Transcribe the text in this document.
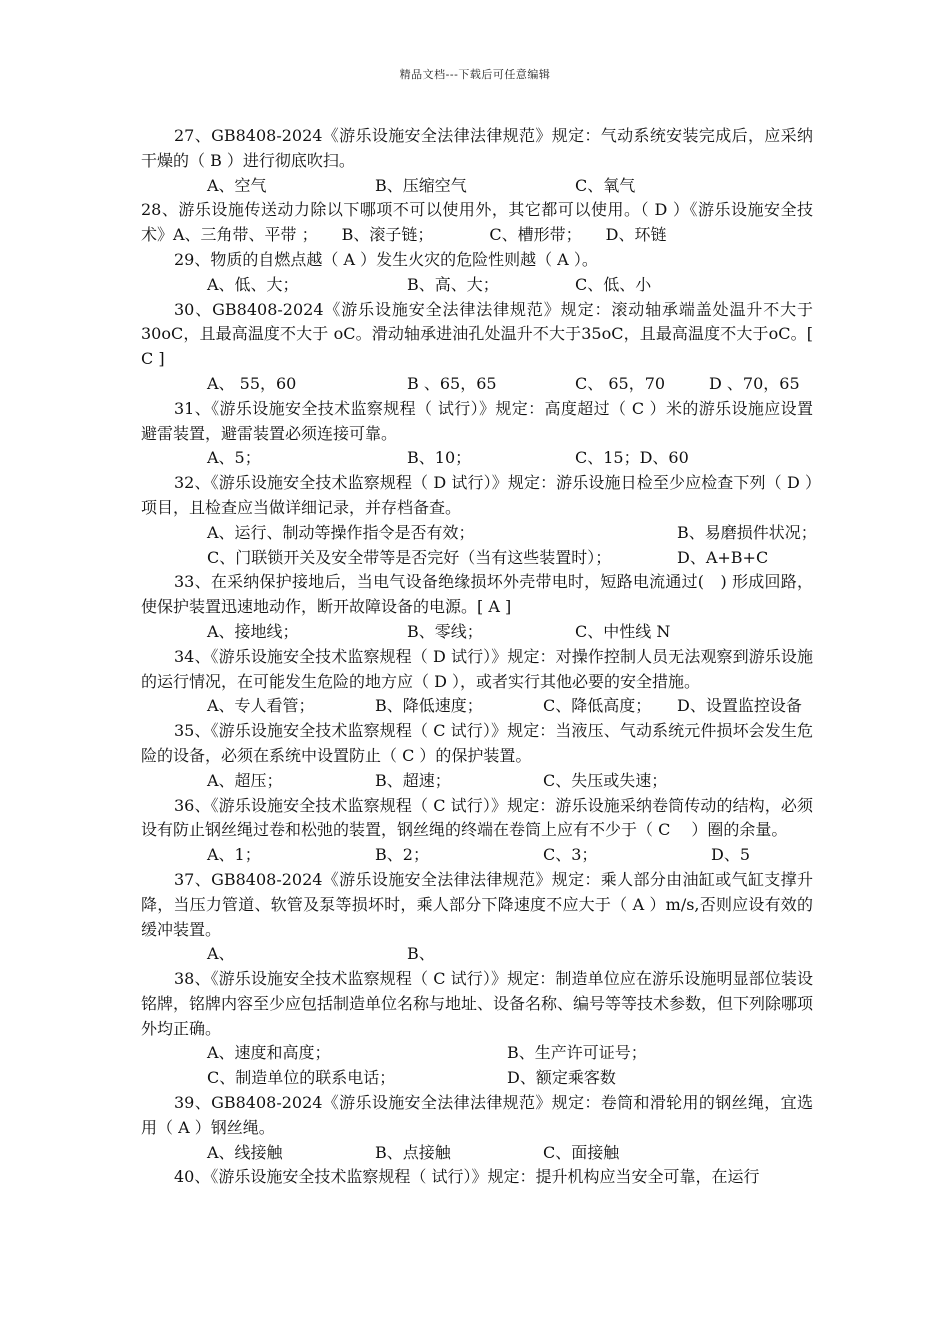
精品文档---下载后可任意编辑

27、GB8408-2024《游乐设施安全法律法律规范》规定：气动系统安装完成后，应采纳干燥的（ B ）进行彻底吹扫。

A、空气	B、压缩空气	C、氧气

28、游乐设施传送动力除以下哪项不可以使用外，其它都可以使用。（ D ）《游乐设施安全技术》A、三角带、平带 ；　　B、滚子链；　　　　C、槽形带；　　D、环链

29、物质的自燃点越（ A ）发生火灾的危险性则越（ A ）。

A、低、大；	B、高、大；	C、低、小

30、GB8408-2024《游乐设施安全法律法律规范》规定：滚动轴承端盖处温升不大于30oC，且最高温度不大于 oC。滑动轴承进油孔处温升不大于35oC，且最高温度不大于oC。[ C ]

A、 55，60	B 、65，65	C、 65，70	D 、70，65

31、《游乐设施安全技术监察规程（ 试行）》规定：高度超过（ C ）米的游乐设施应设置避雷装置，避雷装置必须连接可靠。

A、5；	B、10；	C、15；D、60

32、《游乐设施安全技术监察规程（ D 试行）》规定：游乐设施日检至少应检查下列（ D ）项目，且检查应当做详细记录，并存档备查。

A、运行、制动等操作指令是否有效；	B、易磨损件状况；
C、门联锁开关及安全带等是否完好（当有这些装置时）；	D、A+B+C

33、在采纳保护接地后，当电气设备绝缘损坏外壳带电时，短路电流通过(　) 形成回路，使保护装置迅速地动作，断开故障设备的电源。[ A ]

A、接地线；	B、零线；	C、中性线 N

34、《游乐设施安全技术监察规程（ D 试行）》规定：对操作控制人员无法观察到游乐设施的运行情况，在可能发生危险的地方应（ D ），或者实行其他必要的安全措施。

A、专人看管；	B、降低速度；	C、降低高度；	D、设置监控设备

35、《游乐设施安全技术监察规程（ C 试行）》规定：当液压、气动系统元件损坏会发生危险的设备，必须在系统中设置防止（ C ）的保护装置。

A、超压；	B、超速；	C、失压或失速；

36、《游乐设施安全技术监察规程（ C 试行）》规定：游乐设施采纳卷筒传动的结构，必须设有防止钢丝绳过卷和松弛的装置，钢丝绳的终端在卷筒上应有不少于（ C　 ）圈的余量。

A、1；	B、2；	C、3；	D、5

37、GB8408-2024《游乐设施安全法律法律规范》规定：乘人部分由油缸或气缸支撑升降，当压力管道、软管及泵等损坏时，乘人部分下降速度不应大于（ A ）m/s,否则应设有效的缓冲装置。

A、	B、

38、《游乐设施安全技术监察规程（ C 试行）》规定：制造单位应在游乐设施明显部位装设铭牌，铭牌内容至少应包括制造单位名称与地址、设备名称、编号等等技术参数，但下列除哪项外均正确。

A、速度和高度；	B、生产许可证号；
C、制造单位的联系电话；	D、额定乘客数

39、GB8408-2024《游乐设施安全法律法律规范》规定：卷筒和滑轮用的钢丝绳，宜选用（ A ）钢丝绳。

A、线接触	B、点接触	C、面接触

40、《游乐设施安全技术监察规程（ 试行）》规定：提升机构应当安全可靠，在运行
